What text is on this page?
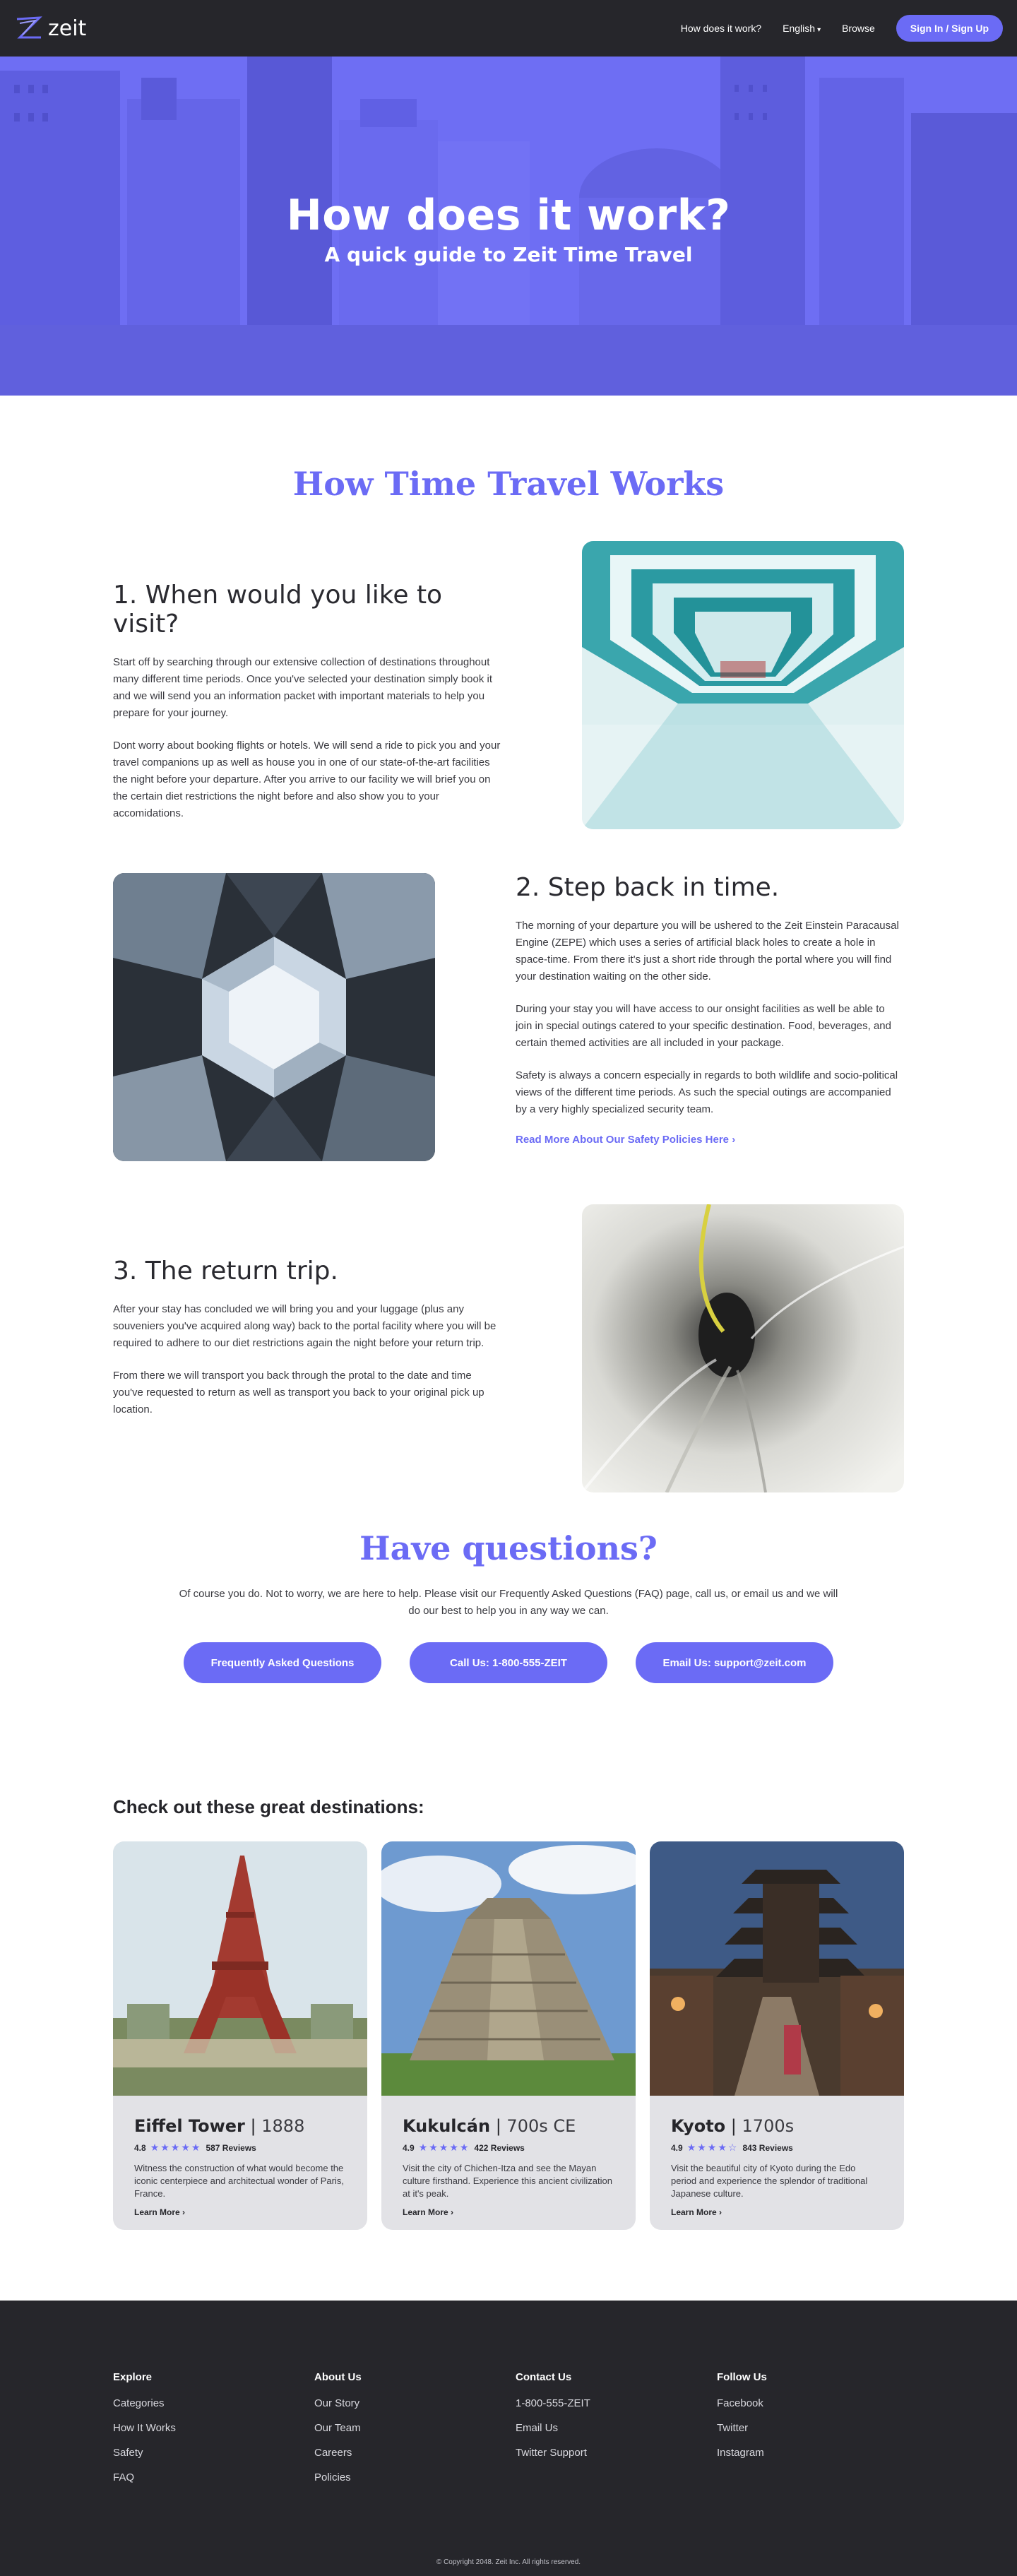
zeit	How does it work? English ▾ Browse	Sign In / Sign Up
How does it work?
A quick guide to Zeit Time Travel
How Time Travel Works
1. When would you like to visit?

Start off by searching through our extensive collection of destinations throughout many different time periods. Once you've selected your destination simply book it and we will send you an information packet with important materials to help you prepare for your journey.

Dont worry about booking flights or hotels. We will send a ride to pick you and your travel companions up as well as house you in one of our state-of-the-art facilities the night before your departure. After you arrive to our facility we will brief you on the certain diet restrictions the night before and also show you to your accomidations.

2. Step back in time.

The morning of your departure you will be ushered to the Zeit Einstein Paracausal Engine (ZEPE) which uses a series of artificial black holes to create a hole in space-time. From there it's just a short ride through the portal where you will find your destination waiting on the other side.

During your stay you will have access to our onsight facilities as well be able to join in special outings catered to your specific destination. Food, beverages, and certain themed activities are all included in your package.

Safety is always a concern especially in regards to both wildlife and socio-political views of the different time periods. As such the special outings are accompanied by a very highly specialized security team.

Read More About Our Safety Policies Here ›
3. The return trip.

After your stay has concluded we will bring you and your luggage (plus any souveniers you've acquired along way) back to the portal facility where you will be required to adhere to our diet restrictions again the night before your return trip.

From there we will transport you back through the protal to the date and time you've requested to return as well as transport you back to your original pick up location.

Have questions?
Of course you do. Not to worry, we are here to help. Please visit our Frequently Asked Questions (FAQ) page, call us, or email us and we will do our best to help you in any way we can.
Frequently Asked Questions	Call Us: 1-800-555-ZEIT	Email Us: support@zeit.com
Check out these great destinations:
Eiffel Tower | 1888
4.8 ★★★★★ 587 Reviews
Witness the construction of what would become the iconic centerpiece and architectual wonder of Paris, France.
Learn More ›
Kukulcán | 700s CE
4.9 ★★★★★ 422 Reviews
Visit the city of Chichen-Itza and see the Mayan culture firsthand. Experience this ancient civilization at it's peak.
Learn More ›
Kyoto | 1700s
4.9 ★★★★☆ 843 Reviews
Visit the beautiful city of Kyoto during the Edo period and experience the splendor of traditional Japanese culture.
Learn More ›
Explore
Categories
How It Works
Safety
FAQ
About Us
Our Story
Our Team
Careers
Policies
Contact Us
1-800-555-ZEIT
Email Us
Twitter Support
Follow Us
Facebook
Twitter
Instagram
© Copyright 2048. Zeit Inc. All rights reserved.
